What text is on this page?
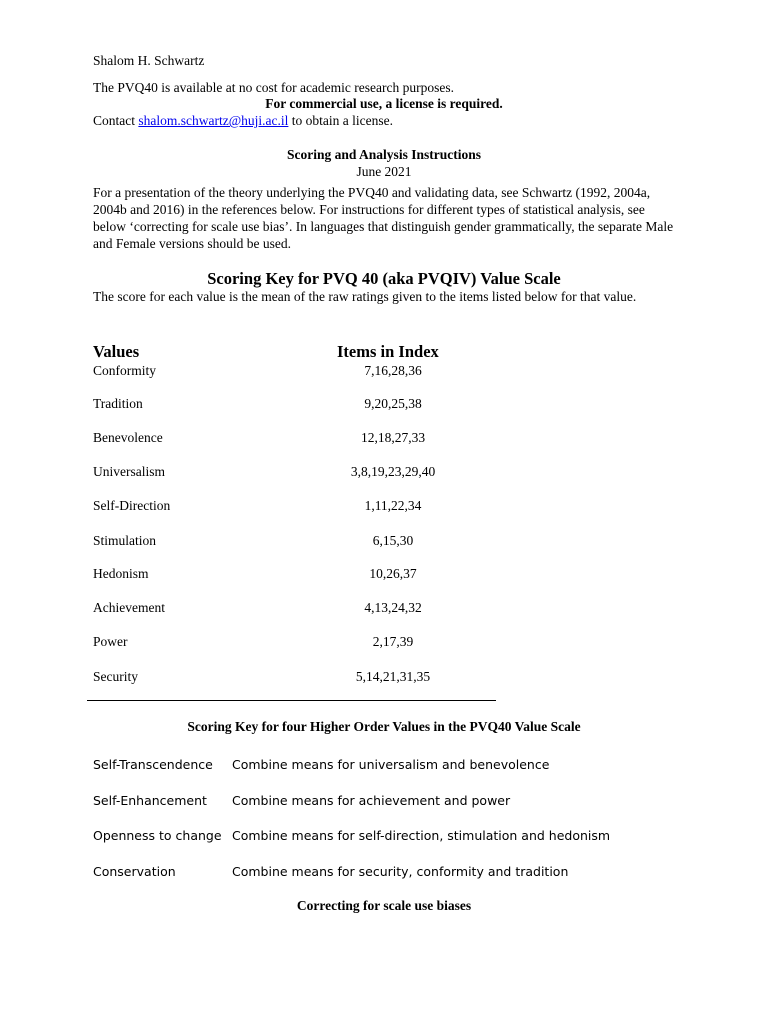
Shalom H. Schwartz
The PVQ40 is available at no cost for academic research purposes.
For commercial use, a license is required.
Contact shalom.schwartz@huji.ac.il to obtain a license.
Scoring and Analysis Instructions
June 2021
For a presentation of the theory underlying the PVQ40 and validating data, see Schwartz (1992, 2004a, 2004b and 2016) in the references below. For instructions for different types of statistical analysis, see below ‘correcting for scale use bias’. In languages that distinguish gender grammatically, the separate Male and Female versions should be used.
Scoring Key for PVQ 40 (aka PVQIV) Value Scale
The score for each value is the mean of the raw ratings given to the items listed below for that value.
Values	Items in Index
Conformity	7,16,28,36
Tradition	9,20,25,38
Benevolence	12,18,27,33
Universalism	3,8,19,23,29,40
Self-Direction	1,11,22,34
Stimulation	6,15,30
Hedonism	10,26,37
Achievement	4,13,24,32
Power	2,17,39
Security	5,14,21,31,35
Scoring Key for four Higher Order Values in the PVQ40 Value Scale
Self-Transcendence Combine means for universalism and benevolence
Self-Enhancement Combine means for achievement and power
Openness to change Combine means for self-direction, stimulation and hedonism
Conservation	Combine means for security, conformity and tradition
Correcting for scale use biases
